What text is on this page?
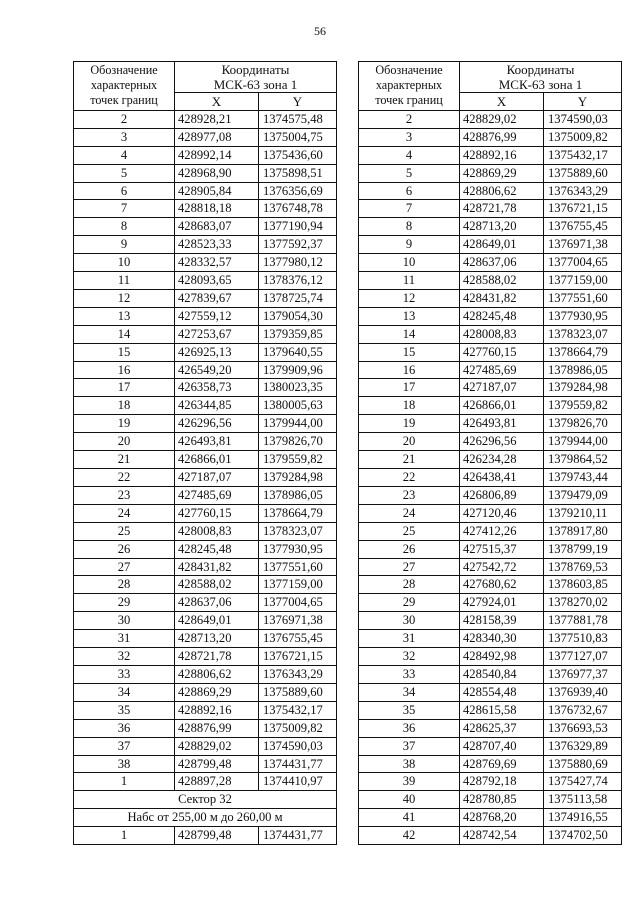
56
Обозначение
характерных
точек границ	Координаты
МСК-63 зона 1	
	X	Y
2	428928,21	1374575,48
3	428977,08	1375004,75
4	428992,14	1375436,60
5	428968,90	1375898,51
6	428905,84	1376356,69
7	428818,18	1376748,78
8	428683,07	1377190,94
9	428523,33	1377592,37
10	428332,57	1377980,12
11	428093,65	1378376,12
12	427839,67	1378725,74
13	427559,12	1379054,30
14	427253,67	1379359,85
15	426925,13	1379640,55
16	426549,20	1379909,96
17	426358,73	1380023,35
18	426344,85	1380005,63
19	426296,56	1379944,00
20	426493,81	1379826,70
21	426866,01	1379559,82
22	427187,07	1379284,98
23	427485,69	1378986,05
24	427760,15	1378664,79
25	428008,83	1378323,07
26	428245,48	1377930,95
27	428431,82	1377551,60
28	428588,02	1377159,00
29	428637,06	1377004,65
30	428649,01	1376971,38
31	428713,20	1376755,45
32	428721,78	1376721,15
33	428806,62	1376343,29
34	428869,29	1375889,60
35	428892,16	1375432,17
36	428876,99	1375009,82
37	428829,02	1374590,03
38	428799,48	1374431,77
1	428897,28	1374410,97
Сектор 32		
Набс от 255,00 м до 260,00 м		
1	428799,48	1374431,77
Обозначение
характерных
точек границ	Координаты
МСК-63 зона 1	
	X	Y
2	428829,02	1374590,03
3	428876,99	1375009,82
4	428892,16	1375432,17
5	428869,29	1375889,60
6	428806,62	1376343,29
7	428721,78	1376721,15
8	428713,20	1376755,45
9	428649,01	1376971,38
10	428637,06	1377004,65
11	428588,02	1377159,00
12	428431,82	1377551,60
13	428245,48	1377930,95
14	428008,83	1378323,07
15	427760,15	1378664,79
16	427485,69	1378986,05
17	427187,07	1379284,98
18	426866,01	1379559,82
19	426493,81	1379826,70
20	426296,56	1379944,00
21	426234,28	1379864,52
22	426438,41	1379743,44
23	426806,89	1379479,09
24	427120,46	1379210,11
25	427412,26	1378917,80
26	427515,37	1378799,19
27	427542,72	1378769,53
28	427680,62	1378603,85
29	427924,01	1378270,02
30	428158,39	1377881,78
31	428340,30	1377510,83
32	428492,98	1377127,07
33	428540,84	1376977,37
34	428554,48	1376939,40
35	428615,58	1376732,67
36	428625,37	1376693,53
37	428707,40	1376329,89
38	428769,69	1375880,69
39	428792,18	1375427,74
40	428780,85	1375113,58
41	428768,20	1374916,55
42	428742,54	1374702,50
